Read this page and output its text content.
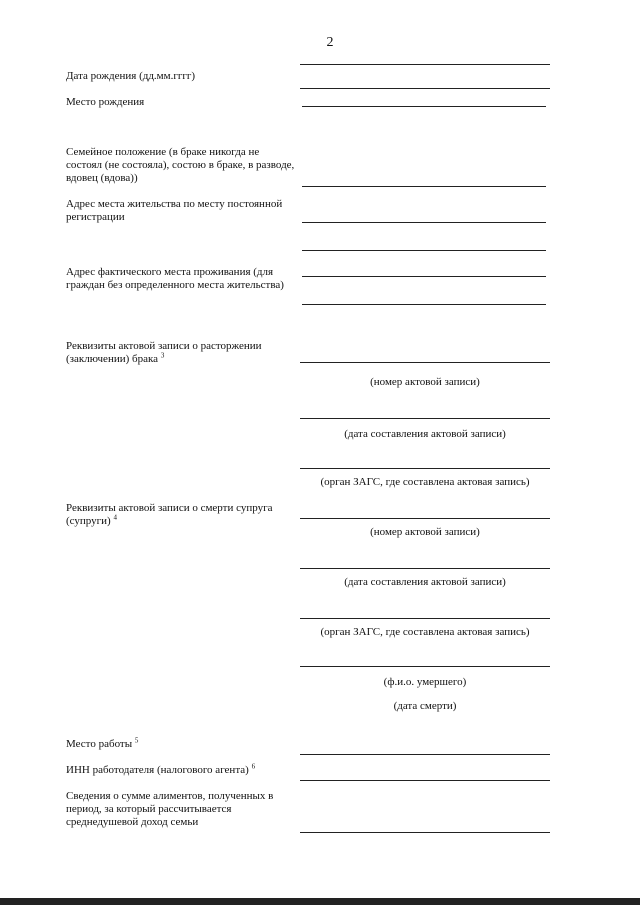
2

Дата рождения (дд.мм.гггг)

Место рождения

Семейное положение (в браке никогда не состоял (не состояла), состою в браке, в разводе, вдовец (вдова))

Адрес места жительства по месту постоянной регистрации

Адрес фактического места проживания (для граждан без определенного места жительства)

Реквизиты актовой записи о расторжении (заключении) брака $^3$

Реквизиты актовой записи о смерти супруга (супруги) $^4$

Место работы $^5$

ИНН работодателя (налогового агента) $^6$

Сведения о сумме алиментов, полученных в период, за который рассчитывается среднедушевой доход семьи

(номер актовой записи)

(дата составления актовой записи)

(орган ЗАГС, где составлена актовая запись)

(номер актовой записи)

(дата составления актовой записи)

(орган ЗАГС, где составлена актовая запись)

(ф.и.о. умершего)

(дата смерти)
